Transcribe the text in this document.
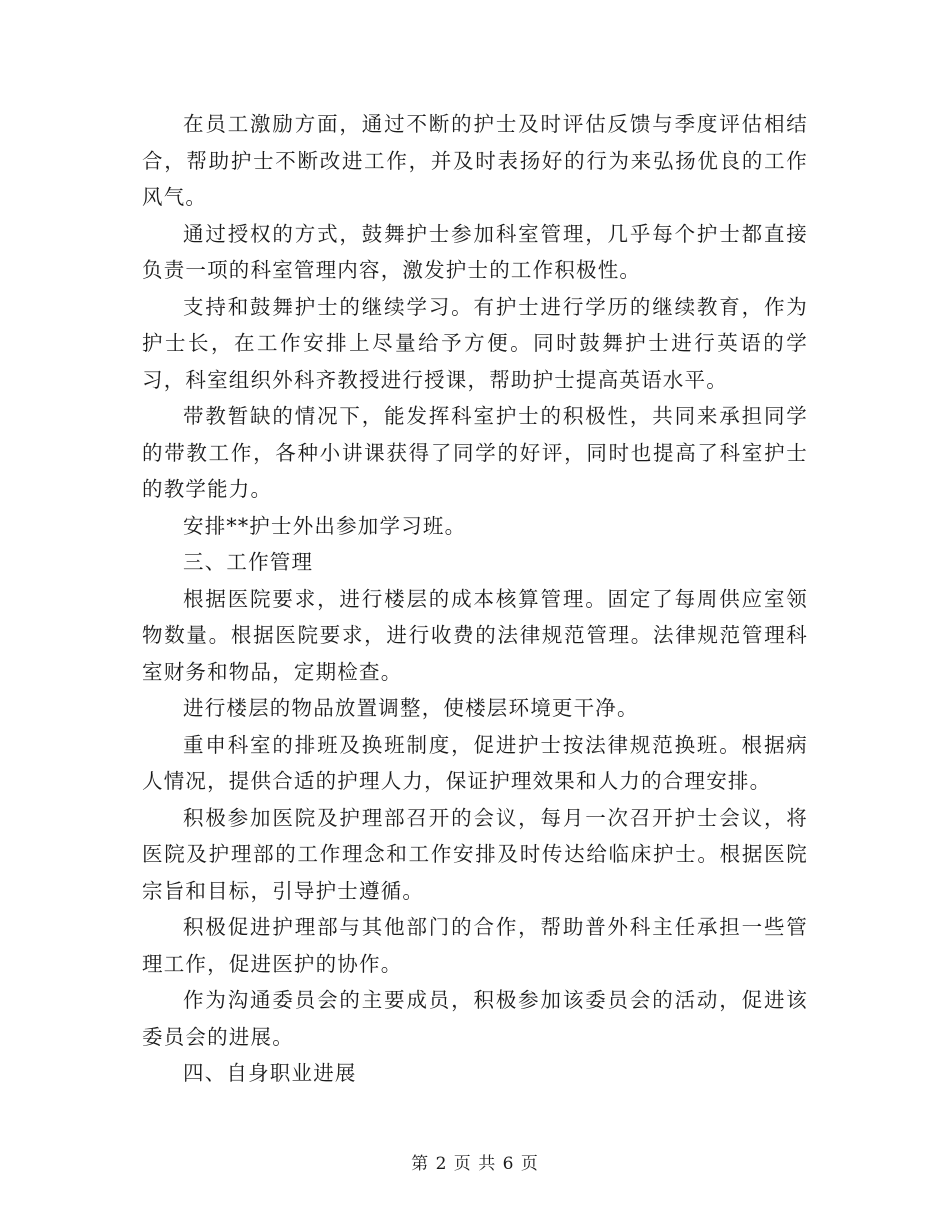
在员工激励方面，通过不断的护士及时评估反馈与季度评估相结合，帮助护士不断改进工作，并及时表扬好的行为来弘扬优良的工作风气。

通过授权的方式，鼓舞护士参加科室管理，几乎每个护士都直接负责一项的科室管理内容，激发护士的工作积极性。

支持和鼓舞护士的继续学习。有护士进行学历的继续教育，作为护士长，在工作安排上尽量给予方便。同时鼓舞护士进行英语的学习，科室组织外科齐教授进行授课，帮助护士提高英语水平。

带教暂缺的情况下，能发挥科室护士的积极性，共同来承担同学的带教工作，各种小讲课获得了同学的好评，同时也提高了科室护士的教学能力。

安排**护士外出参加学习班。

三、工作管理

根据医院要求，进行楼层的成本核算管理。固定了每周供应室领物数量。根据医院要求，进行收费的法律规范管理。法律规范管理科室财务和物品，定期检查。

进行楼层的物品放置调整，使楼层环境更干净。

重申科室的排班及换班制度，促进护士按法律规范换班。根据病人情况，提供合适的护理人力，保证护理效果和人力的合理安排。

积极参加医院及护理部召开的会议，每月一次召开护士会议，将医院及护理部的工作理念和工作安排及时传达给临床护士。根据医院宗旨和目标，引导护士遵循。

积极促进护理部与其他部门的合作，帮助普外科主任承担一些管理工作，促进医护的协作。

作为沟通委员会的主要成员，积极参加该委员会的活动，促进该委员会的进展。

四、自身职业进展

第 2 页 共 6 页
